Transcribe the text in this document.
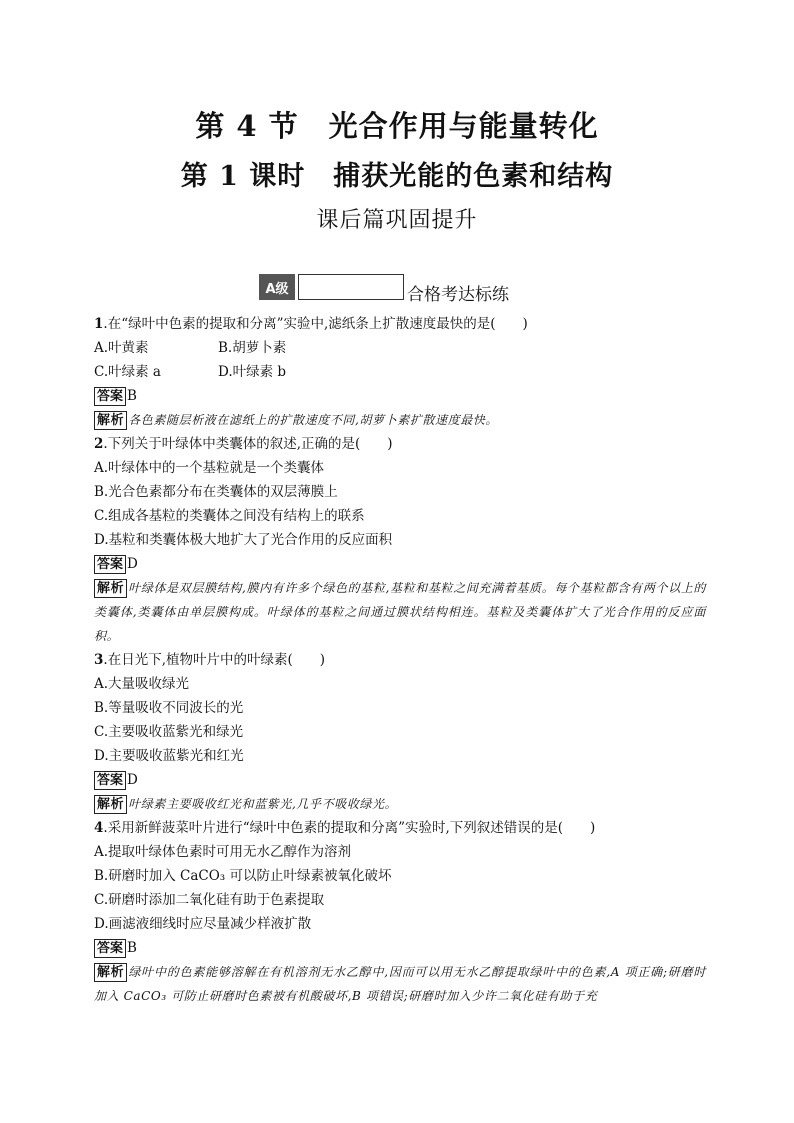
第 4 节　光合作用与能量转化
第 1 课时　捕获光能的色素和结构
课后篇巩固提升
A级	合格考达标练
1.在“绿叶中色素的提取和分离”实验中,滤纸条上扩散速度最快的是(　　)
A.叶黄素	B.胡萝卜素
C.叶绿素 a	D.叶绿素 b
答案 B
解析 各色素随层析液在滤纸上的扩散速度不同,胡萝卜素扩散速度最快。
2.下列关于叶绿体中类囊体的叙述,正确的是(　　)
A.叶绿体中的一个基粒就是一个类囊体
B.光合色素都分布在类囊体的双层薄膜上
C.组成各基粒的类囊体之间没有结构上的联系
D.基粒和类囊体极大地扩大了光合作用的反应面积
答案 D
解析 叶绿体是双层膜结构,膜内有许多个绿色的基粒,基粒和基粒之间充满着基质。每个基粒都含有两个以上的类囊体,类囊体由单层膜构成。叶绿体的基粒之间通过膜状结构相连。基粒及类囊体扩大了光合作用的反应面积。
3.在日光下,植物叶片中的叶绿素(　　)
A.大量吸收绿光
B.等量吸收不同波长的光
C.主要吸收蓝紫光和绿光
D.主要吸收蓝紫光和红光
答案 D
解析 叶绿素主要吸收红光和蓝紫光,几乎不吸收绿光。
4.采用新鲜菠菜叶片进行“绿叶中色素的提取和分离”实验时,下列叙述错误的是(　　)
A.提取叶绿体色素时可用无水乙醇作为溶剂
B.研磨时加入 CaCO₃ 可以防止叶绿素被氧化破坏
C.研磨时添加二氧化硅有助于色素提取
D.画滤液细线时应尽量减少样液扩散
答案 B
解析 绿叶中的色素能够溶解在有机溶剂无水乙醇中,因而可以用无水乙醇提取绿叶中的色素,A 项正确;研磨时加入 CaCO₃ 可防止研磨时色素被有机酸破坏,B 项错误;研磨时加入少许二氧化硅有助于充
